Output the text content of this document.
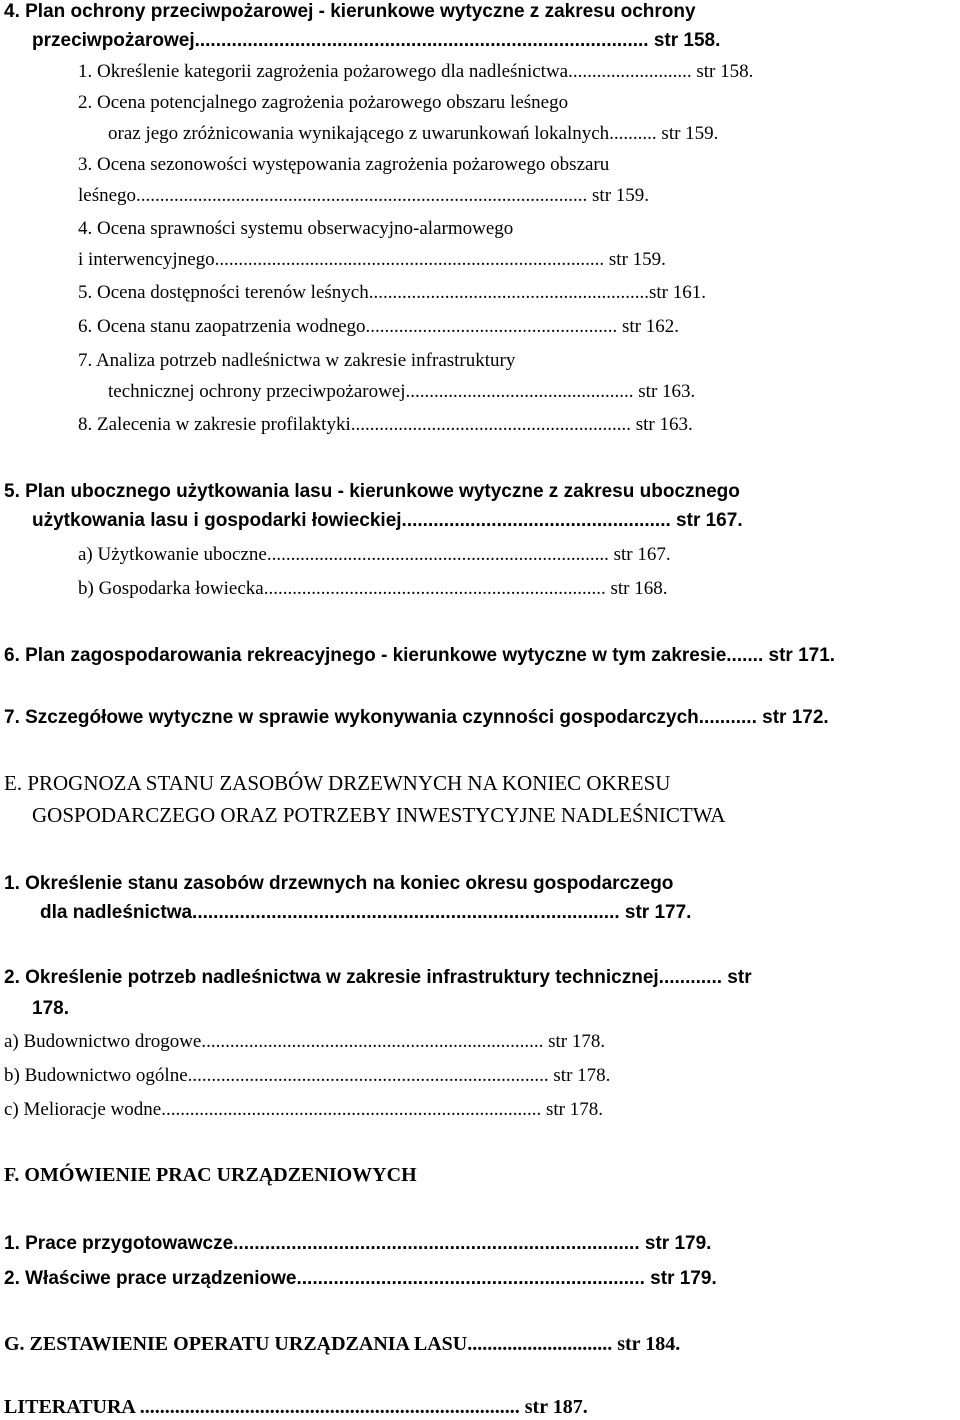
4. Plan ochrony przeciwpożarowej - kierunkowe wytyczne z zakresu ochrony
przeciwpożarowej...................................................................................... str 158.
1. Określenie kategorii zagrożenia pożarowego dla nadleśnictwa.......................... str 158.
2. Ocena potencjalnego zagrożenia pożarowego obszaru leśnego
oraz jego zróżnicowania wynikającego z uwarunkowań lokalnych.......... str 159.
3. Ocena sezonowości występowania zagrożenia pożarowego obszaru
leśnego............................................................................................... str 159.
4. Ocena sprawności systemu obserwacyjno-alarmowego
i interwencyjnego.................................................................................. str 159.
5. Ocena dostępności terenów leśnych...........................................................str 161.
6. Ocena stanu zaopatrzenia wodnego..................................................... str 162.
7. Analiza potrzeb nadleśnictwa w zakresie infrastruktury
technicznej ochrony przeciwpożarowej................................................ str 163.
8. Zalecenia w zakresie profilaktyki........................................................... str 163.
5. Plan ubocznego użytkowania lasu - kierunkowe wytyczne z zakresu ubocznego
użytkowania lasu i gospodarki łowieckiej................................................... str 167.
a) Użytkowanie uboczne........................................................................ str 167.
b) Gospodarka łowiecka........................................................................ str 168.
6. Plan zagospodarowania rekreacyjnego - kierunkowe wytyczne w tym zakresie....... str 171.
7. Szczegółowe wytyczne w sprawie wykonywania czynności gospodarczych........... str 172.
E. PROGNOZA STANU ZASOBÓW DRZEWNYCH NA KONIEC OKRESU
GOSPODARCZEGO ORAZ POTRZEBY INWESTYCYJNE NADLEŚNICTWA
1. Określenie stanu zasobów drzewnych na koniec okresu gospodarczego
dla nadleśnictwa................................................................................. str 177.
2. Określenie potrzeb nadleśnictwa w zakresie infrastruktury technicznej............ str
178.
a) Budownictwo drogowe........................................................................ str 178.
b) Budownictwo ogólne............................................................................ str 178.
c) Melioracje wodne................................................................................ str 178.
F. OMÓWIENIE PRAC URZĄDZENIOWYCH
1. Prace przygotowawcze............................................................................. str 179.
2. Właściwe prace urządzeniowe.................................................................. str 179.
G. ZESTAWIENIE OPERATU URZĄDZANIA LASU............................. str 184.
LITERATURA ............................................................................ str 187.
